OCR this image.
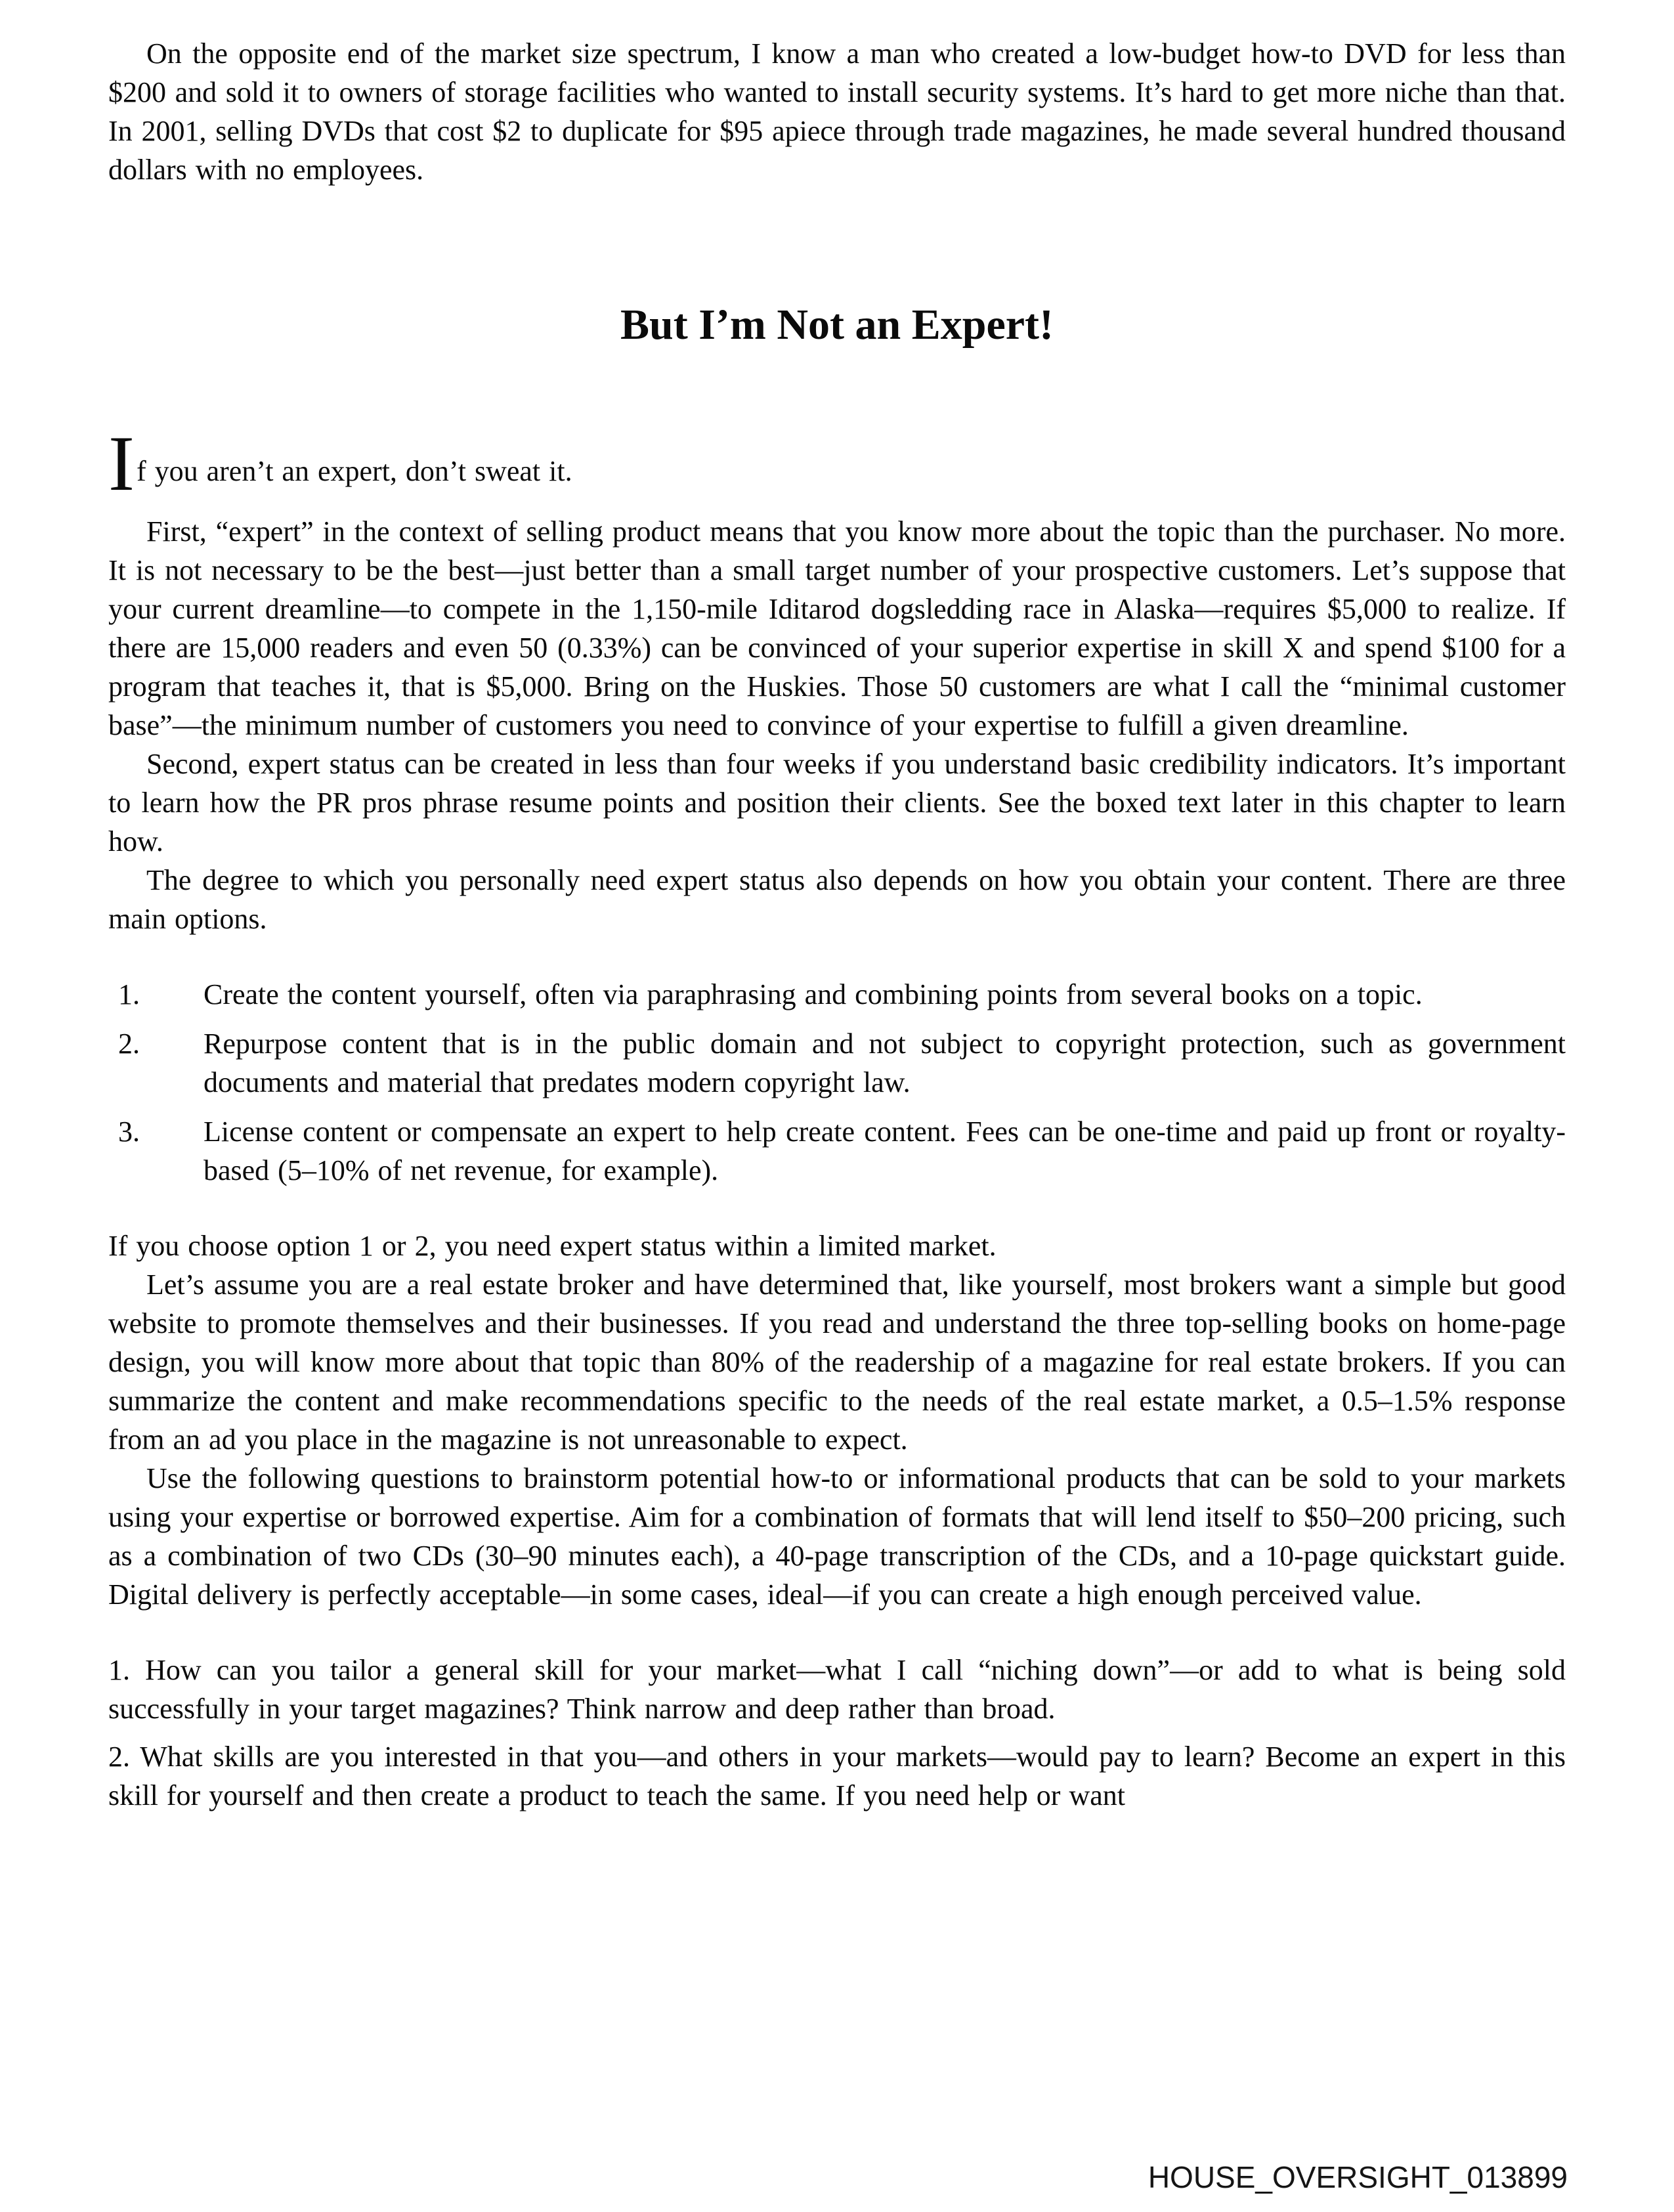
On the opposite end of the market size spectrum, I know a man who created a low-budget how-to DVD for less than $200 and sold it to owners of storage facilities who wanted to install security systems. It’s hard to get more niche than that. In 2001, selling DVDs that cost $2 to duplicate for $95 apiece through trade magazines, he made several hundred thousand dollars with no employees.

But I’m Not an Expert!

If you aren’t an expert, don’t sweat it.

First, “expert” in the context of selling product means that you know more about the topic than the purchaser. No more. It is not necessary to be the best—just better than a small target number of your prospective customers. Let’s suppose that your current dreamline—to compete in the 1,150-mile Iditarod dogsledding race in Alaska—requires $5,000 to realize. If there are 15,000 readers and even 50 (0.33%) can be convinced of your superior expertise in skill X and spend $100 for a program that teaches it, that is $5,000. Bring on the Huskies. Those 50 customers are what I call the “minimal customer base”—the minimum number of customers you need to convince of your expertise to fulfill a given dreamline.

Second, expert status can be created in less than four weeks if you understand basic credibility indicators. It’s important to learn how the PR pros phrase resume points and position their clients. See the boxed text later in this chapter to learn how.

The degree to which you personally need expert status also depends on how you obtain your content. There are three main options.

1.	Create the content yourself, often via paraphrasing and combining points from several books on a topic.
2.	Repurpose content that is in the public domain and not subject to copyright protection, such as government documents and material that predates modern copyright law.
3.	License content or compensate an expert to help create content. Fees can be one-time and paid up front or royalty-based (5–10% of net revenue, for example).

If you choose option 1 or 2, you need expert status within a limited market.

Let’s assume you are a real estate broker and have determined that, like yourself, most brokers want a simple but good website to promote themselves and their businesses. If you read and understand the three top-selling books on home-page design, you will know more about that topic than 80% of the readership of a magazine for real estate brokers. If you can summarize the content and make recommendations specific to the needs of the real estate market, a 0.5–1.5% response from an ad you place in the magazine is not unreasonable to expect.

Use the following questions to brainstorm potential how-to or informational products that can be sold to your markets using your expertise or borrowed expertise. Aim for a combination of formats that will lend itself to $50–200 pricing, such as a combination of two CDs (30–90 minutes each), a 40-page transcription of the CDs, and a 10-page quickstart guide. Digital delivery is perfectly acceptable—in some cases, ideal—if you can create a high enough perceived value.

1. How can you tailor a general skill for your market—what I call “niching down”—or add to what is being sold successfully in your target magazines? Think narrow and deep rather than broad.

2. What skills are you interested in that you—and others in your markets—would pay to learn? Become an expert in this skill for yourself and then create a product to teach the same. If you need help or want

HOUSE_OVERSIGHT_013899
